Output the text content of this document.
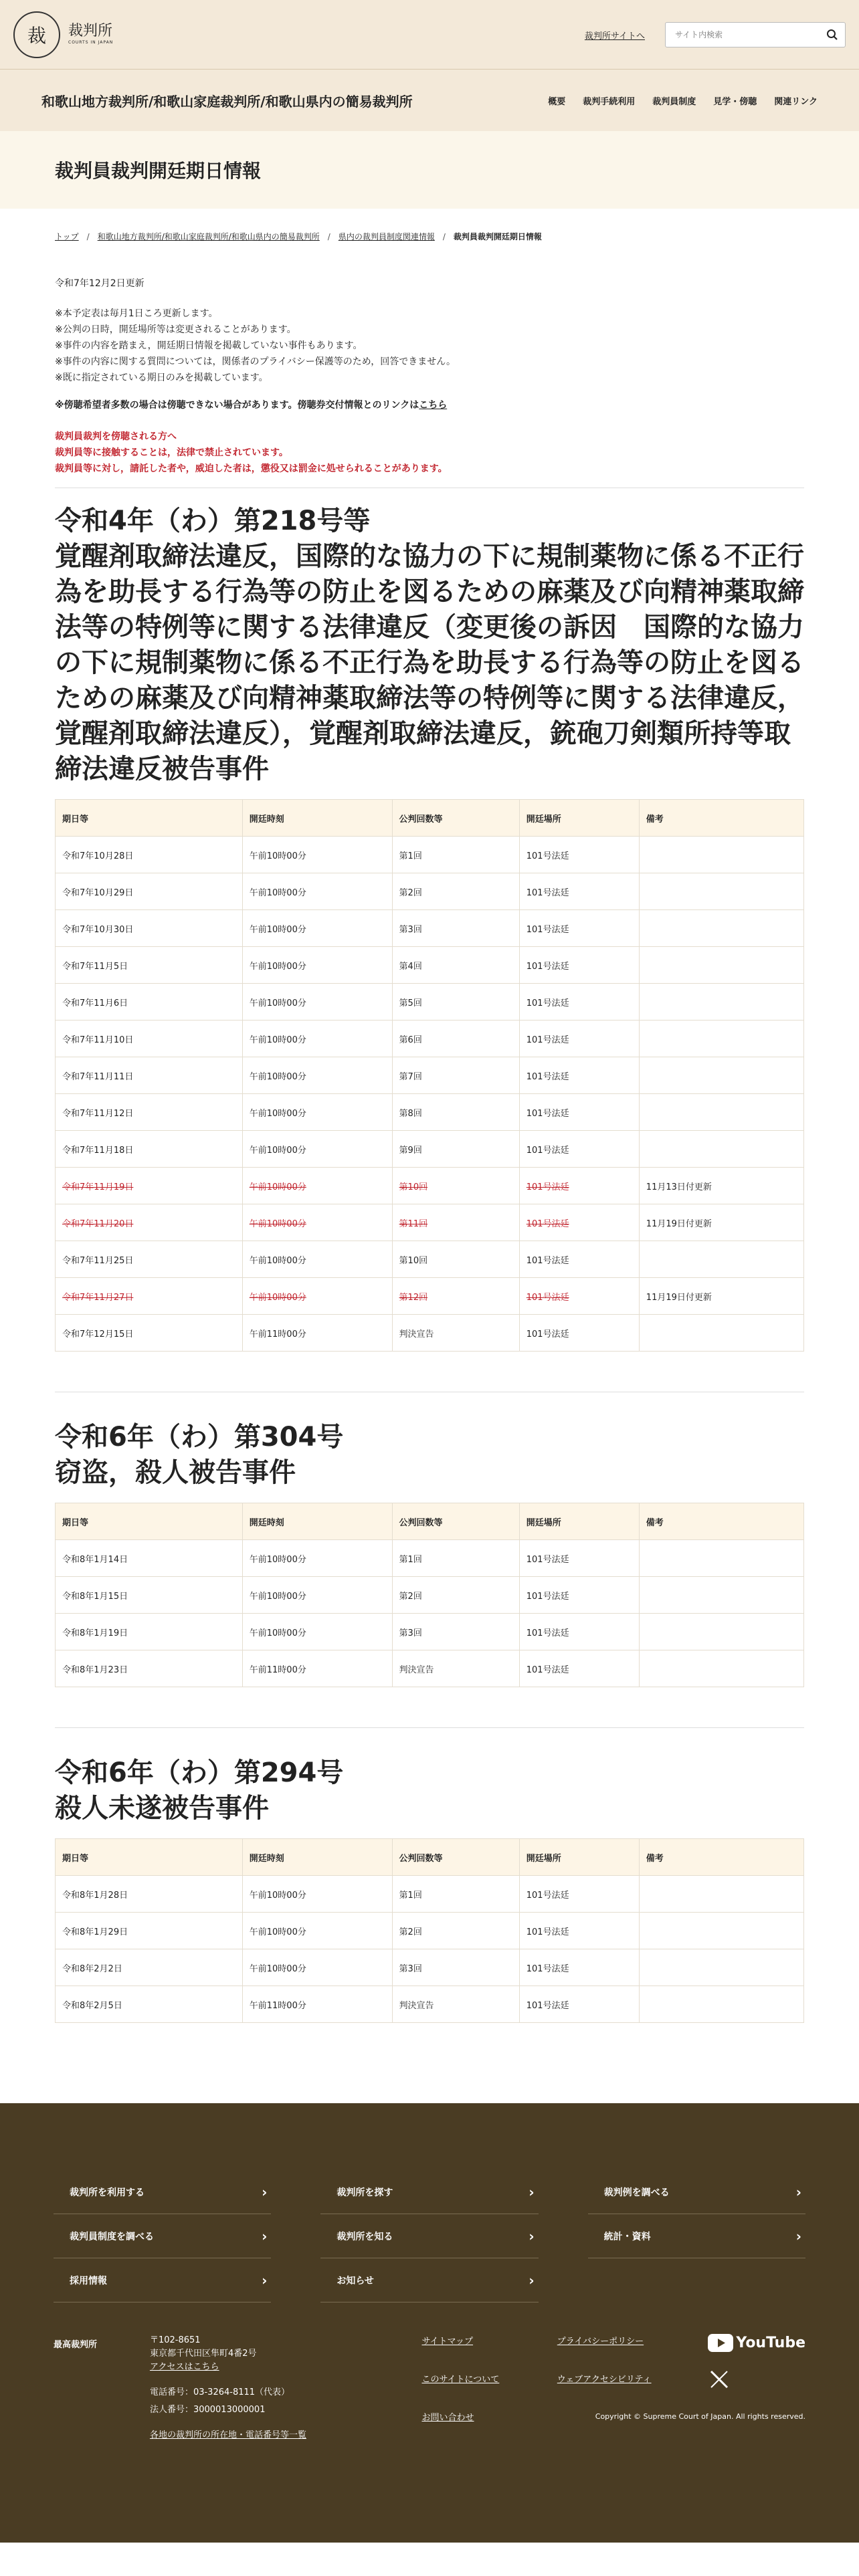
裁 裁判所
COURTS IN JAPAN
裁判所サイトへ
サイト内検索
和歌山地方裁判所/和歌山家庭裁判所/和歌山県内の簡易裁判所	概要 裁判手続利用 裁判員制度 見学・傍聴 関連リンク
裁判員裁判開廷期日情報
トップ / 和歌山地方裁判所/和歌山家庭裁判所/和歌山県内の簡易裁判所 / 県内の裁判員制度関連情報 / 裁判員裁判開廷期日情報

令和7年12月2日更新

※本予定表は毎月1日ころ更新します。

※公判の日時，開廷場所等は変更されることがあります。

※事件の内容を踏まえ，開廷期日情報を掲載していない事件もあります。

※事件の内容に関する質問については，関係者のプライバシー保護等のため，回答できません。

※既に指定されている期日のみを掲載しています。

※傍聴希望者多数の場合は傍聴できない場合があります。傍聴券交付情報とのリンクはこちら

裁判員裁判を傍聴される方へ

裁判員等に接触することは，法律で禁止されています。

裁判員等に対し，請託した者や，威迫した者は，懲役又は罰金に処せられることがあります。

令和4年（わ）第218号等
覚醒剤取締法違反，国際的な協力の下に規制薬物に係る不正行為を助長する行為等の防止を図るための麻薬及び向精神薬取締法等の特例等に関する法律違反（変更後の訴因　国際的な協力の下に規制薬物に係る不正行為を助長する行為等の防止を図るための麻薬及び向精神薬取締法等の特例等に関する法律違反，覚醒剤取締法違反），覚醒剤取締法違反，銃砲刀剣類所持等取締法違反被告事件
期日等	開廷時刻	公判回数等	開廷場所	備考
令和7年10月28日	午前10時00分	第1回	101号法廷	
令和7年10月29日	午前10時00分	第2回	101号法廷	
令和7年10月30日	午前10時00分	第3回	101号法廷	
令和7年11月5日	午前10時00分	第4回	101号法廷	
令和7年11月6日	午前10時00分	第5回	101号法廷	
令和7年11月10日	午前10時00分	第6回	101号法廷	
令和7年11月11日	午前10時00分	第7回	101号法廷	
令和7年11月12日	午前10時00分	第8回	101号法廷	
令和7年11月18日	午前10時00分	第9回	101号法廷	
令和7年11月19日	午前10時00分	第10回	101号法廷	11月13日付更新
令和7年11月20日	午前10時00分	第11回	101号法廷	11月19日付更新
令和7年11月25日	午前10時00分	第10回	101号法廷	
令和7年11月27日	午前10時00分	第12回	101号法廷	11月19日付更新
令和7年12月15日	午前11時00分	判決宣告	101号法廷	
令和6年（わ）第304号
窃盗，殺人被告事件
期日等	開廷時刻	公判回数等	開廷場所	備考
令和8年1月14日	午前10時00分	第1回	101号法廷	
令和8年1月15日	午前10時00分	第2回	101号法廷	
令和8年1月19日	午前10時00分	第3回	101号法廷	
令和8年1月23日	午前11時00分	判決宣告	101号法廷	
令和6年（わ）第294号
殺人未遂被告事件
期日等	開廷時刻	公判回数等	開廷場所	備考
令和8年1月28日	午前10時00分	第1回	101号法廷	
令和8年1月29日	午前10時00分	第2回	101号法廷	
令和8年2月2日	午前10時00分	第3回	101号法廷	
令和8年2月5日	午前11時00分	判決宣告	101号法廷	
裁判所を利用する	›	裁判所を探す	›	裁判例を調べる	›
裁判員制度を調べる	›	裁判所を知る	›	統計・資料	›
採用情報	›	お知らせ	›
最高裁判所	〒102-8651

東京都千代田区隼町4番2号

アクセスはこちら

電話番号：03-3264-8111（代表）

法人番号：3000013000001

各地の裁判所の所在地・電話番号等一覧

サイトマップ
このサイトについて
お問い合わせ
プライバシーポリシー
ウェブアクセシビリティ
YouTube
Copyright © Supreme Court of Japan. All rights reserved.
